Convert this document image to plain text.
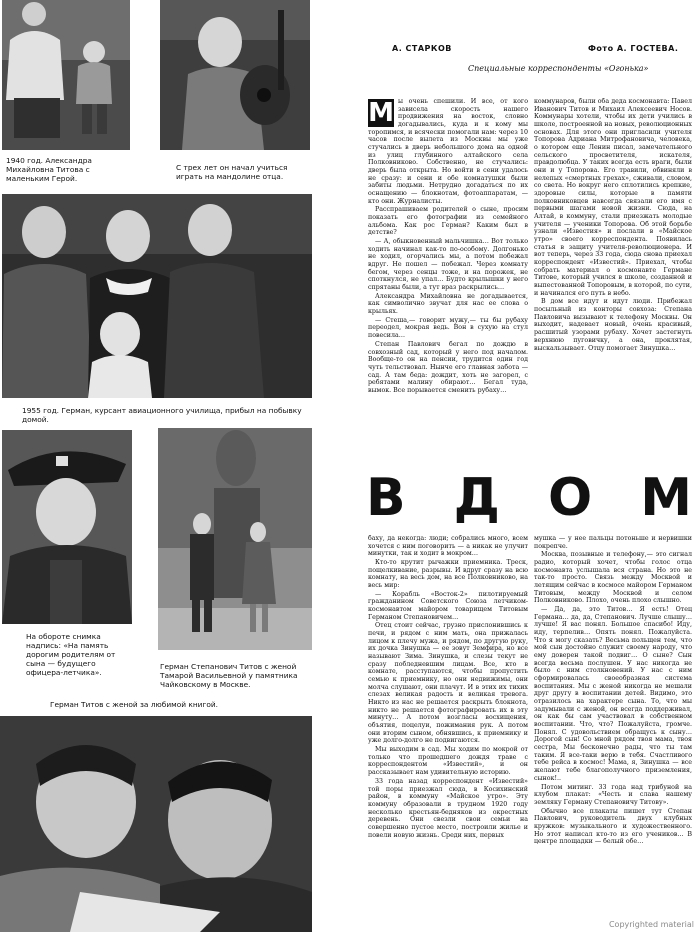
1940 год. Александра Михайловна Титова с маленьким Герой.

С трех лет он начал учиться играть на мандолине отца.

1955 год. Герман, курсант авиационного училища, прибыл на побывку домой.

На обороте снимка надпись: «На память дорогим родителям от сына — будущего офицера-летчика».

Герман Степанович Титов с женой Тамарой Васильевной у памятника Чайковскому в Москве.

Герман Титов с женой за любимой книгой.

А. СТАРКОВ	Фото А. ГОСТЕВА.
Специальные корреспонденты «Огонька»
М ы очень спешили. И все, от кого зависела скорость нашего продвижения на восток, словно догадывались, куда и к кому мы торопимся, и всячески помогали нам: через 10 часов после вылета из Москвы мы уже стучались в дверь небольшого дома на одной из улиц глубинного алтайского села Полковниково. Собственно, не стучались: дверь была открыта. Но войти в сени удалось не сразу: и сени и обе комнатушки были забиты людьми. Нетрудно догадаться по их оснащению — блокнотам, фотоаппаратам, — кто они. Журналисты.

Расспрашиваем родителей о сыне, просим показать его фотографии из семейного альбома. Как рос Герман? Каким был в детстве?

— А, обыкновенный мальчишка… Вот только ходить начинал как-то по-особому. Долгонько не ходил, огорчались мы, а потом побежал вдруг. Не пошел — побежал. Через комнату бегом, через сенцы тоже, и на порожек, не споткнулся, не упал… Будто крылышки у него спрятаны были, а тут враз раскрылись…

Александра Михайловна не догадывается, как символично звучат для нас ее слова о крыльях.

— Стеша,— говорит мужу,— ты бы рубаху переодел, мокрая ведь. Вон в сухую на стул повесила…

Степан Павлович бегал по дождю в совхозный сад, который у него под началом. Вообще-то он на пенсии, трудится один год чуть тельствовал. Нынче его главная забота — сад. А там беда: дождит, хоть не загорел, с ребятами малину обирают… Бегал туда, вымок. Все порывается сменить рубаху…

коммунаров, были оба деда космонавта: Павел Иванович Титов и Михаил Алексеевич Носов. Коммунары хотели, чтобы их дети учились в школе, построенной на новых, революционных основах. Для этого они пригласили учителя Топорова Адриана Митрофановича, человека, о котором еще Ленин писал, замечательного сельского просветителя, искателя, правдолюбца. У таких всегда есть враги, были они и у Топорова. Его травили, обвиняли в нелепых «смертных грехах», сживали, словом, со света. Но вокруг него сплотились крепкие, здоровые силы, которые в памяти полковниковцев навсегда связали его имя с первыми шагами новой жизни. Сюда, на Алтай, в коммуну, стали приезжать молодые учителя — ученики Топорова. Об этой борьбе узнали «Известия» и послали в «Майское утро» своего корреспондента. Появилась статья в защиту учителя-революционера. И вот теперь, через 33 года, сюда снова приехал корреспондент «Известий». Приехал, чтобы собрать материал о космонавте Германе Титове, который учился в школе, созданной и выпестованной Топоровым, в которой, по сути, и начинался его путь в небо.

В дом все идут и идут люди. Прибежал посыльный из конторы совхоза: Степана Павловича вызывают к телефону Москвы. Он выходит, надевает новый, очень красивый, расшитый узорами рубаху. Хочет застегнуть верхнюю пуговичку, а она, проклятая, выскальзывает. Отцу помогает Зинушка…

В Д О М

баху, да некогда: люди; собрались много, всем хочется с ним поговорить — а никак не улучит минутки, так и ходит в мокром…

Кто-то крутит рычажки приемника. Треск, пощелкивание, разрывы. И вдруг сразу на всю комнату, на весь дом, на все Полковниково, на весь мир:

— Корабль «Восток-2» пилотируемый гражданином Советского Союза летчиком-космонавтом майором товарищем Титовым Германом Степановичем…

Отец стоит сейчас, грузно прислонившись к печи, и рядом с ним мать, она прижалась лицом к плечу мужа, и рядом, по другую руку, их дочка Зинушка — ее зовут Земфира, но все называют Зима. Зинушка, и слезы текут не сразу побледневшим лицам. Все, кто в комнате, расступаются, чтобы пропустить семью к приемнику, но они недвижимы, они молча слушают, они плачут. И в этих их тихих слезах великая радость и великая тревога. Никто из нас не решается раскрыть блокнота, никто не решается фотографировать их в эту минуту… А потом возгласы восхищения, объятия, поцелуи, пожимания рук. А потом они вторим сыном, обнявшись, к приемнику и уже долго-долго не подвигаются.

Мы выходим в сад. Мы ходим по мокрой от только что прошедшего дождя траве с корреспондентом «Известий», и он рассказывает нам удивительную историю.

33 года назад корреспондент «Известий» той поры приезжал сюда, в Косихинский район, в коммуну «Майское утро». Эту коммуну образовали в трудном 1920 году несколько крестьян-бедняков из окрестных деревень. Они свезли свои семьи на совершенно пустое место, построили жилье и повели новую жизнь. Среди них, первых

мушка — у нее пальцы потоньше и нервишки покрепче.

Москва, позывные и телефону,— это сигнал радио, который хочет, чтобы голос отца космонавта услышала вся страна. Но это не так-то просто. Связь между Москвой и летящим сейчас в космосе майором Германом Титовым, между Москвой и селом Полковниково. Плохо, очень плохо слышно.

— Да, да, это Титов… Я есть! Отец Германа… да, да, Степанович. Лучше слышу… лучше! Я вас понял. Большое спасибо! Иду, иду, терпелив… Опять понял. Пожалуйста. Что я могу сказать? Весьма польщен тем, что мой сын достойно служит своему народу, что ему доверен такой подвиг… О сыне? Сын всегда весьма послушен. У нас никогда не было с ним столкновений. У нас с ним сформировалась своеобразная система воспитания. Мы с женой никогда не мешали друг другу в воспитании детей. Видимо, это отразилось на характере сына. То, что мы задумывали с женой, он всегда поддерживал, он как бы сам участвовал в собственном воспитании. Что, что? Пожалуйста, громче. Понял. С удовольствием обращусь к сыну… Дорогой сын! Со мной рядом твоя мама, твоя сестра, Мы бесконечно рады, что ты там таким. Я все-таки верю в тебя. Счастливого тебе рейса в космос! Мама, я, Зинушка — все желают тебе благополучного приземления, сынок!..

Потом митинг. 33 года над трибуной на клубом плакат: «Честь и слава нашему земляку Герману Степановичу Титову».

Обычно все плакаты пишет тут Степан Павлович, руководитель двух клубных кружков: музыкального и художественного. Но этот написал кто-то из его учеников… В центре площадки — белый обе…

Copyrighted material
